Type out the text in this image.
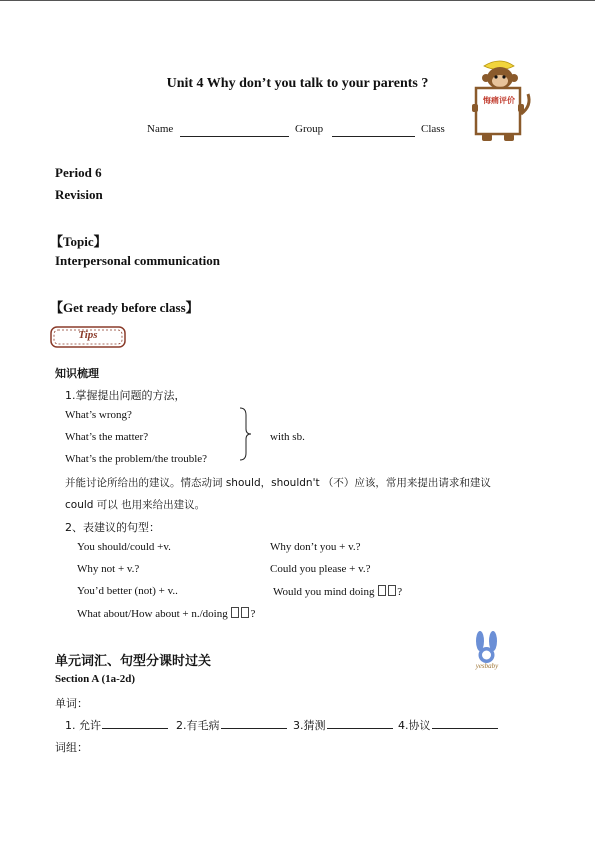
Unit 4 Why don’t you talk to your parents ?
Name	Group	Class
悔痛评价
Period 6
Revision
【Topic】
Interpersonal communication
【Get ready before class】
Tips
知识梳理
1.掌握提出问题的方法，
What’s wrong?
What’s the matter?
What’s the problem/the trouble?
with sb.
并能讨论所给出的建议。情态动词 should，shouldn't （不）应该，常用来提出请求和建议
could 可以 也用来给出建议。
2、表建议的句型：
You should/could +v.	Why don’t you + v.?
Why not + v.?	Could you please + v.?
You’d better (not) + v..	Would you mind doing ?
What about/How about + n./doing ?
单元词汇、句型分课时过关	yesbaby
Section A (1a-2d)
单词：
1. 允许	2.有毛病	3.猜测	4.协议
词组：
